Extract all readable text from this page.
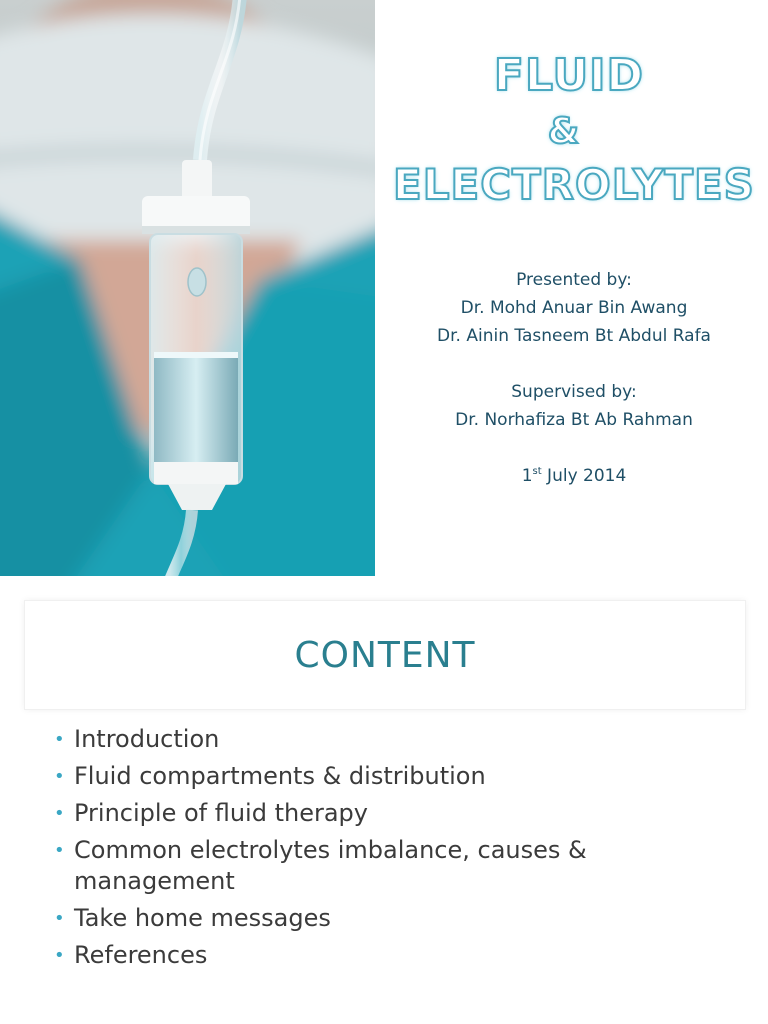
FLUID
&
ELECTROLYTES
Presented by:
Dr. Mohd Anuar Bin Awang
Dr. Ainin Tasneem Bt Abdul Rafa
Supervised by:
Dr. Norhafiza Bt Ab Rahman
1st July 2014
CONTENT
• Introduction
• Fluid compartments & distribution
• Principle of fluid therapy
• Common electrolytes imbalance, causes & management
• Take home messages
• References
